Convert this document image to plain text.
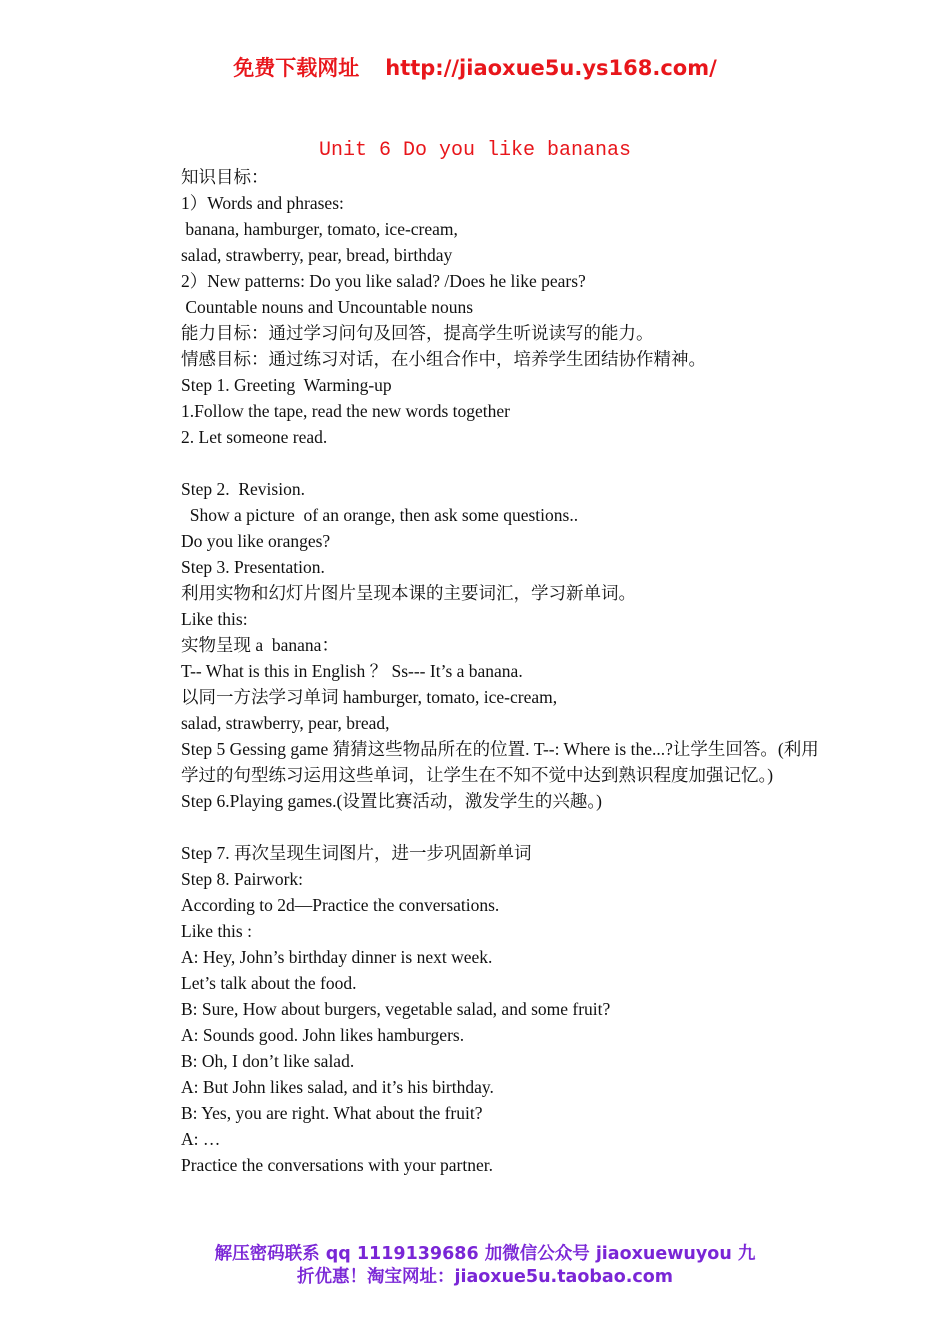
免费下载网址 http://jiaoxue5u.ys168.com/
Unit 6 Do you like bananas
知识目标：
1）Words and phrases:
banana, hamburger, tomato, ice-cream,
salad, strawberry, pear, bread, birthday
2）New patterns: Do you like salad? /Does he like pears?
Countable nouns and Uncountable nouns
能力目标：通过学习问句及回答，提高学生听说读写的能力。
情感目标：通过练习对话，在小组合作中，培养学生团结协作精神。
Step 1. Greeting  Warming-up
1.Follow the tape, read the new words together
2. Let someone read.
Step 2.  Revision.
Show a picture  of an orange, then ask some questions..
Do you like oranges?
Step 3. Presentation.
利用实物和幻灯片图片呈现本课的主要词汇，学习新单词。
Like this:
实物呈现 a  banana：
T-- What is this in English ？ Ss--- It’s a banana.
以同一方法学习单词 hamburger, tomato, ice-cream,
salad, strawberry, pear, bread,
Step 5 Gessing game 猜猜这些物品所在的位置. T--: Where is the...?让学生回答。(利用学过的句型练习运用这些单词，让学生在不知不觉中达到熟识程度加强记忆。)
Step 6.Playing games.(设置比赛活动，激发学生的兴趣。)
Step 7. 再次呈现生词图片，进一步巩固新单词
Step 8. Pairwork:
According to 2d—Practice the conversations.
Like this :
A: Hey, John’s birthday dinner is next week.
Let’s talk about the food.
B: Sure, How about burgers, vegetable salad, and some fruit?
A: Sounds good. John likes hamburgers.
B: Oh, I don’t like salad.
A: But John likes salad, and it’s his birthday.
B: Yes, you are right. What about the fruit?
A: …
Practice the conversations with your partner.
解压密码联系 qq 1119139686 加微信公众号 jiaoxuewuyou 九
折优惠！淘宝网址：jiaoxue5u.taobao.com
